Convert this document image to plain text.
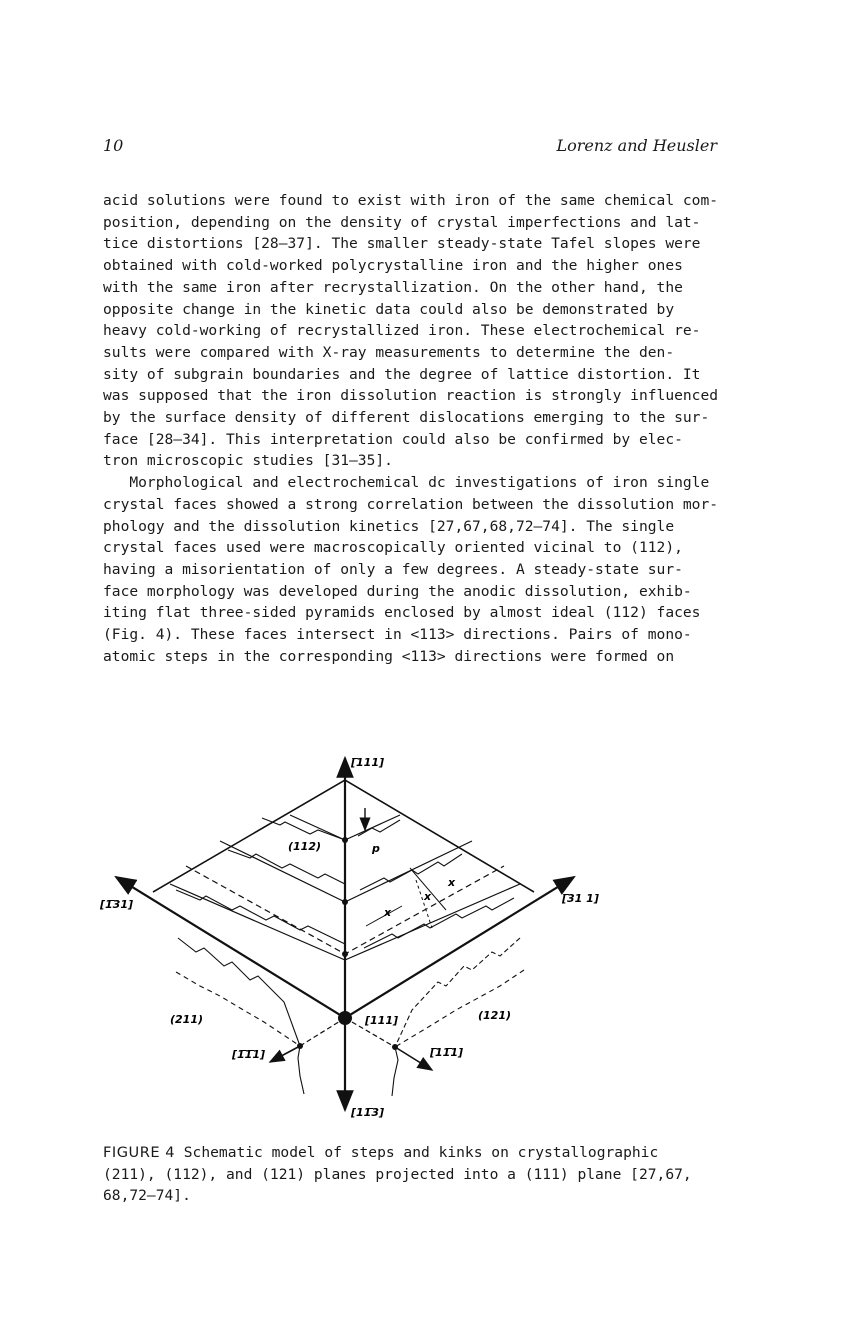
10	Lorenz and Heusler
acid solutions were found to exist with iron of the same chemical com-
position, depending on the density of crystal imperfections and lat-
tice distortions [28–37]. The smaller steady-state Tafel slopes were
obtained with cold-worked polycrystalline iron and the higher ones
with the same iron after recrystallization. On the other hand, the
opposite change in the kinetic data could also be demonstrated by
heavy cold-working of recrystallized iron. These electrochemical re-
sults were compared with X-ray measurements to determine the den-
sity of subgrain boundaries and the degree of lattice distortion. It
was supposed that the iron dissolution reaction is strongly influenced
by the surface density of different dislocations emerging to the sur-
face [28–34]. This interpretation could also be confirmed by elec-
tron microscopic studies [31–35].
Morphological and electrochemical dc investigations of iron single
crystal faces showed a strong correlation between the dissolution mor-
phology and the dissolution kinetics [27,67,68,72–74]. The single
crystal faces used were macroscopically oriented vicinal to (112),
having a misorientation of only a few degrees. A steady-state sur-
face morphology was developed during the anodic dissolution, exhib-
iting flat three-sided pyramids enclosed by almost ideal (112) faces
(Fig. 4). These faces intersect in <113> directions. Pairs of mono-
atomic steps in the corresponding <113> directions were formed on
[̅111]
[1̅31]	[̅31 1]
[11̅3]
(112)
(211)	(121)
[111]
[1̅1̅1]	[̅11̅1]
p
x
x
x
FIGURE 4 Schematic model of steps and kinks on crystallographic
(211), (112), and (121) planes projected into a (111) plane [27,67,
68,72–74].
